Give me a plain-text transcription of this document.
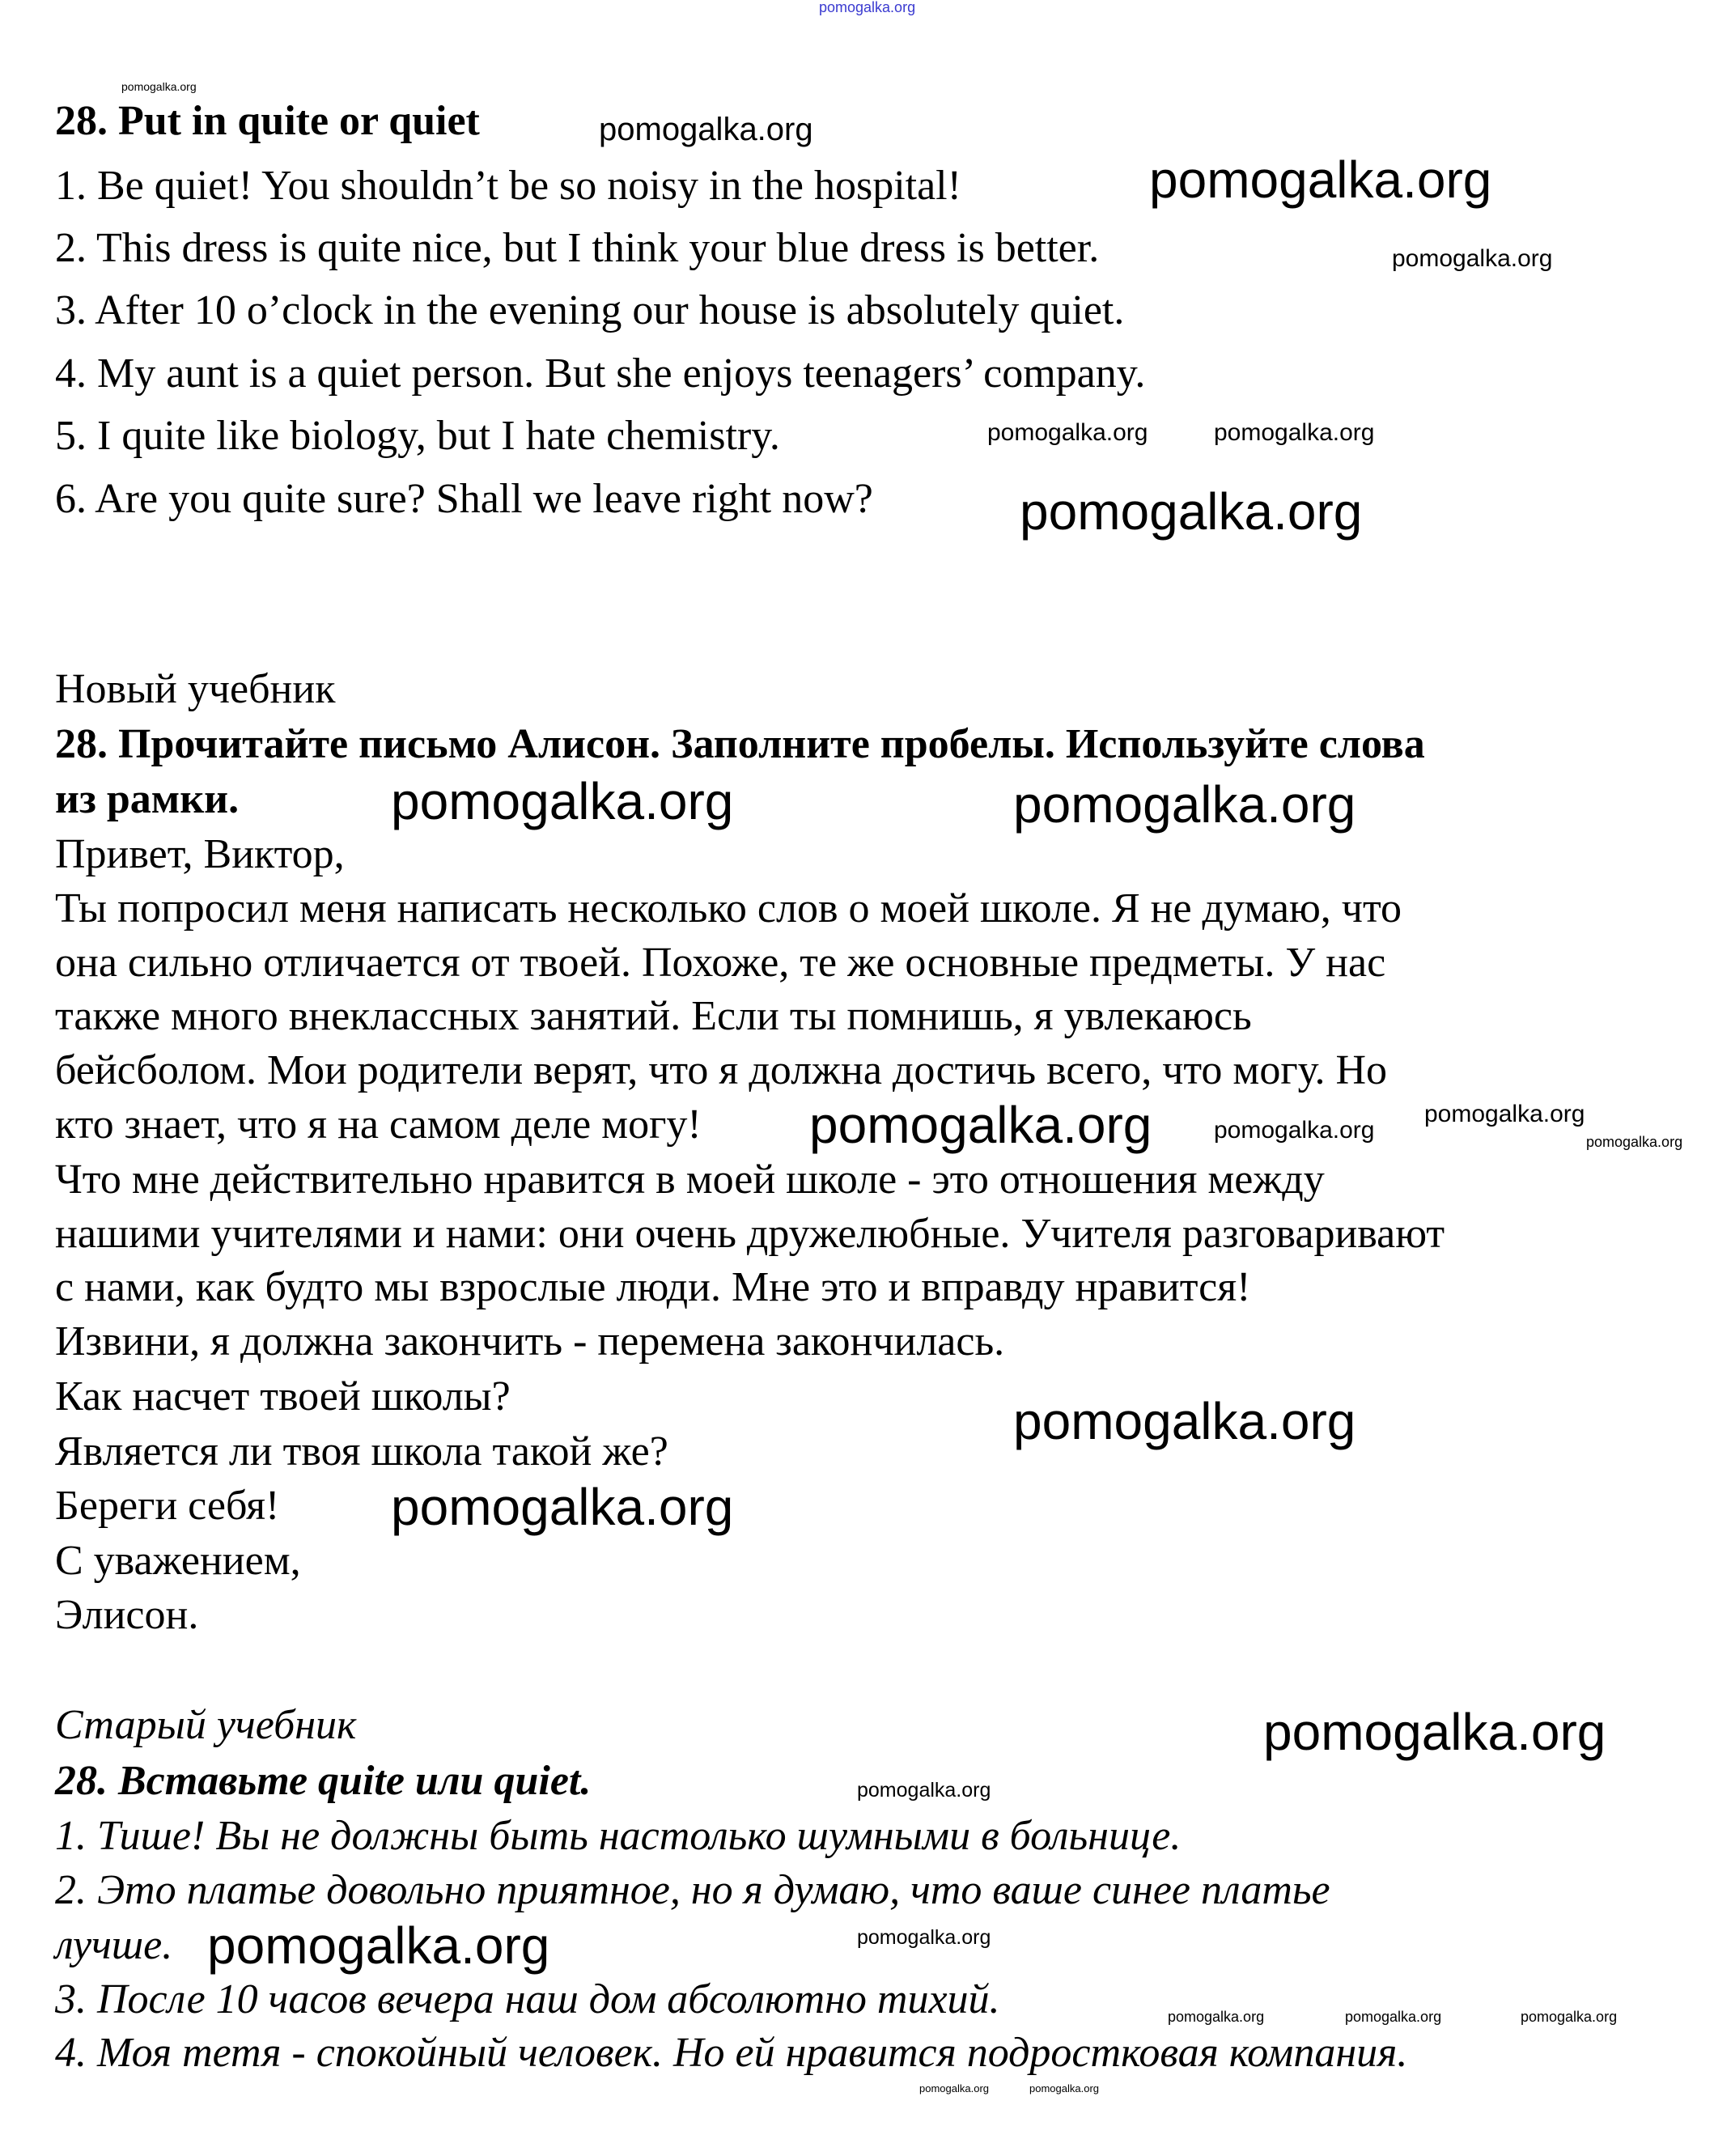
28. Put in quite or quiet
1. Be quiet! You shouldn’t be so noisy in the hospital!
2. This dress is quite nice, but I think your blue dress is better.
3. After 10 o’clock in the evening our house is absolutely quiet.
4. My aunt is a quiet person. But she enjoys teenagers’ company.
5. I quite like biology, but I hate chemistry.
6. Are you quite sure? Shall we leave right now?
Новый учебник
28. Прочитайте письмо Алисон. Заполните пробелы. Используйте слова
из рамки.
Привет, Виктор,
Ты попросил меня написать несколько слов о моей школе. Я не думаю, что
она сильно отличается от твоей. Похоже, те же основные предметы. У нас
также много внеклассных занятий. Если ты помнишь, я увлекаюсь
бейсболом. Мои родители верят, что я должна достичь всего, что могу. Но
кто знает, что я на самом деле могу!
Что мне действительно нравится в моей школе - это отношения между
нашими учителями и нами: они очень дружелюбные. Учителя разговаривают
с нами, как будто мы взрослые люди. Мне это и вправду нравится!
Извини, я должна закончить - перемена закончилась.
Как насчет твоей школы?
Является ли твоя школа такой же?
Береги себя!
С уважением,
Элисон.
Старый учебник
28. Вставьте quite или quiet.
1. Тише! Вы не должны быть настолько шумными в больнице.
2. Это платье довольно приятное, но я думаю, что ваше синее платье
лучше.
3. После 10 часов вечера наш дом абсолютно тихий.
4. Моя тетя - спокойный человек. Но ей нравится подростковая компания.
pomogalka.org
pomogalka.org
pomogalka.org
pomogalka.org
pomogalka.org
pomogalka.org	pomogalka.org
pomogalka.org
pomogalka.org	pomogalka.org
pomogalka.org	pomogalka.org
pomogalka.org
pomogalka.org
pomogalka.org
pomogalka.org
pomogalka.org
pomogalka.org
pomogalka.org	pomogalka.org
pomogalka.org	pomogalka.org	pomogalka.org
pomogalka.org	pomogalka.org
